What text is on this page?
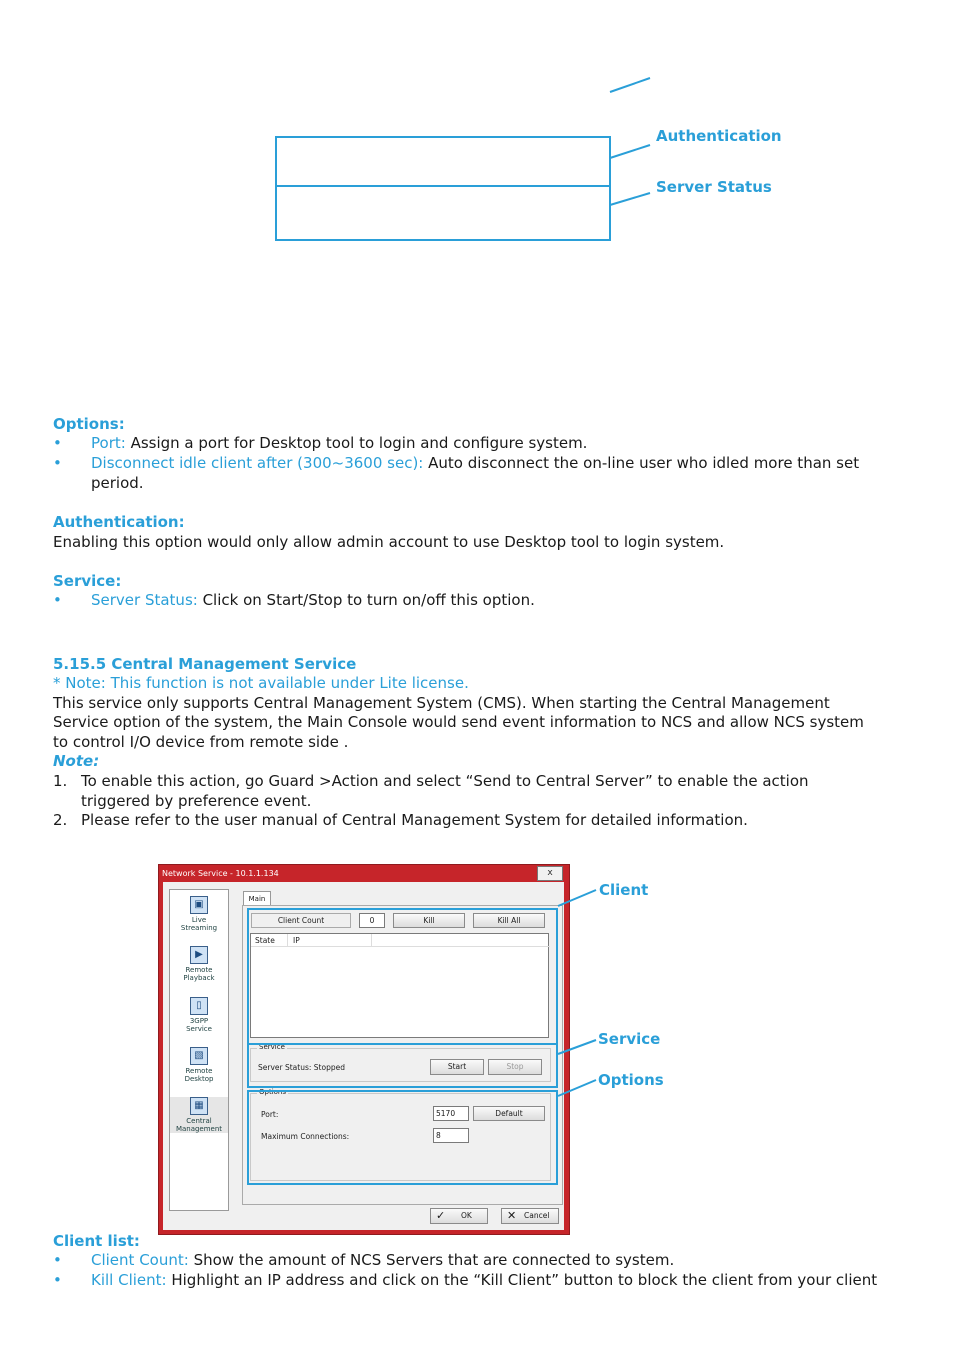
Authentication
Server Status
Options:
• Port: Assign a port for Desktop tool to login and configure system.
• Disconnect idle client after (300~3600 sec): Auto disconnect the on-line user who idled more than set
period.
Authentication:
Enabling this option would only allow admin account to use Desktop tool to login system.
Service:
• Server Status: Click on Start/Stop to turn on/off this option.
5.15.5 Central Management Service
* Note: This function is not available under Lite license.
This service only supports Central Management System (CMS). When starting the Central Management
Service option of the system, the Main Console would send event information to NCS and allow NCS system
to control I/O device from remote side .
Note:
1. To enable this action, go Guard >Action and select “Send to Central Server” to enable the action
triggered by preference event.
2. Please refer to the user manual of Central Management System for detailed information.
Network Service - 10.1.1.134	x
▣
Live
Streaming
▶
Remote
Playback
▯
3GPP
Service
▧
Remote
Desktop
▦
Central
Management
Main
Client Count	0	Kill	Kill All
State IP
Service
Server Status: Stopped	Start	Stop
Options
Port:	5170	Default
Maximum Connections:	8
✓ OK	✕ Cancel
Client
Service
Options
Client list:
• Client Count: Show the amount of NCS Servers that are connected to system.
• Kill Client: Highlight an IP address and click on the “Kill Client” button to block the client from your client
